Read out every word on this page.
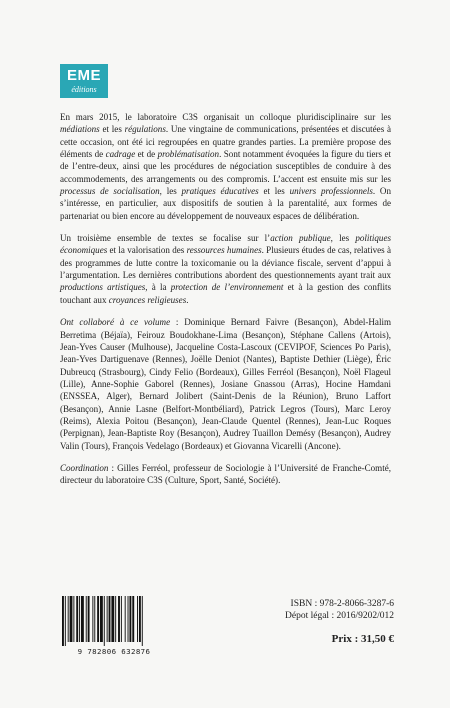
EME
éditions

En mars 2015, le laboratoire C3S organisait un colloque pluridisciplinaire sur les médiations et les régulations. Une vingtaine de communications, présentées et discutées à cette occasion, ont été ici regroupées en quatre grandes parties. La première propose des éléments de cadrage et de problématisation. Sont notamment évoquées la figure du tiers et de l’entre-deux, ainsi que les procédures de négociation susceptibles de conduire à des accommodements, des arrangements ou des compromis. L’accent est ensuite mis sur les processus de socialisation, les pratiques éducatives et les univers professionnels. On s’intéresse, en particulier, aux dispositifs de soutien à la parentalité, aux formes de partenariat ou bien encore au développement de nouveaux espaces de délibération.

Un troisième ensemble de textes se focalise sur l’action publique, les politiques économiques et la valorisation des ressources humaines. Plusieurs études de cas, relatives à des programmes de lutte contre la toxicomanie ou la déviance fiscale, servent d’appui à l’argumentation. Les dernières contributions abordent des questionnements ayant trait aux productions artistiques, à la protection de l’environnement et à la gestion des conflits touchant aux croyances religieuses.

Ont collaboré à ce volume : Dominique Bernard Faivre (Besançon), Abdel-Halim Berretima (Béjaïa), Feirouz Boudokhane-Lima (Besançon), Stéphane Callens (Artois), Jean-Yves Causer (Mulhouse), Jacqueline Costa-Lascoux (CEVIPOF, Sciences Po Paris), Jean-Yves Dartiguenave (Rennes), Joëlle Deniot (Nantes), Baptiste Dethier (Liège), Éric Dubreucq (Strasbourg), Cindy Felio (Bordeaux), Gilles Ferréol (Besançon), Noël Flageul (Lille), Anne-Sophie Gaborel (Rennes), Josiane Gnassou (Arras), Hocine Hamdani (ENSSEA, Alger), Bernard Jolibert (Saint-Denis de la Réunion), Bruno Laffort (Besançon), Annie Lasne (Belfort-Montbéliard), Patrick Legros (Tours), Marc Leroy (Reims), Alexia Poitou (Besançon), Jean-Claude Quentel (Rennes), Jean-Luc Roques (Perpignan), Jean-Baptiste Roy (Besançon), Audrey Tuaillon Demésy (Besançon), Audrey Valin (Tours), François Vedelago (Bordeaux) et Giovanna Vicarelli (Ancone).

Coordination : Gilles Ferréol, professeur de Sociologie à l’Université de Franche-Comté, directeur du laboratoire C3S (Culture, Sport, Santé, Société).

9 782806 632876
ISBN : 978-2-8066-3287-6
Dépot légal : 2016/9202/012
Prix : 31,50 €
